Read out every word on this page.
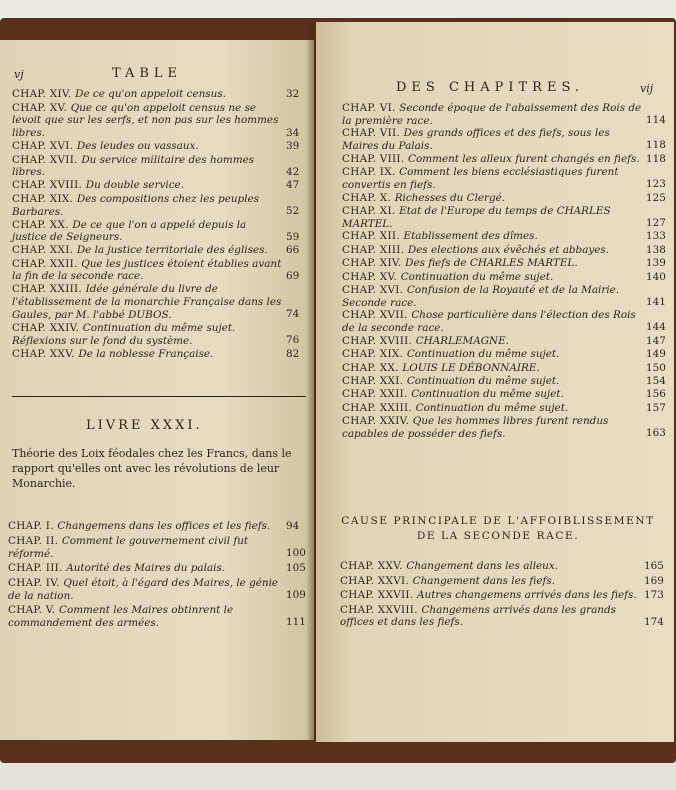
vj	TABLE
CHAP. XIV. De ce qu'on appeloit census.	32
CHAP. XV. Que ce qu'on appeloit census ne se levoit que sur les serfs, et non pas sur les hommes libres.	34
CHAP. XVI. Des leudes ou vassaux.	39
CHAP. XVII. Du service militaire des hommes libres.	42
CHAP. XVIII. Du double service.	47
CHAP. XIX. Des compositions chez les peuples Barbares.	52
CHAP. XX. De ce que l'on a appelé depuis la justice de Seigneurs.	59
CHAP. XXI. De la justice territoriale des églises. 66
CHAP. XXII. Que les justices étoient établies avant la fin de la seconde race.	69
CHAP. XXIII. Idée générale du livre de l'établissement de la monarchie Françaisе dans les Gaules, par M. l'abbé DUBOS.	74
CHAP. XXIV. Continuation du même sujet. Réflexions sur le fond du système.	76
CHAP. XXV. De la noblesse Françaisе.	82
LIVRE XXXI.
Théorie des Loix féodales chez les Francs, dans le rapport qu'elles ont avec les révolutions de leur Monarchie.
CHAP. I. Changemens dans les offices et les fiefs. 94
CHAP. II. Comment le gouvernement civil fut réformé.	100
CHAP. III. Autorité des Maires du palais.	105
CHAP. IV. Quel étoit, à l'égard des Maires, le génie de la nation.	109
CHAP. V. Comment les Maires obtinrent le commandement des armées.	111
DES CHAPITRES.	vij
CHAP. VI. Seconde époque de l'abaissement des Rois de la première race.	114
CHAP. VII. Des grands offices et des fiefs, sous les Maires du Palais.	118
CHAP. VIII. Comment les alleux furent changés en fiefs. 118
CHAP. IX. Comment les biens ecclésiastiques furent convertis en fiefs.	123
CHAP. X. Richesses du Clergé.	125
CHAP. XI. Etat de l'Europe du temps de CHARLES MARTEL.	127
CHAP. XII. Etablissement des dîmes.	133
CHAP. XIII. Des elections aux évêchés et abbayes.	138
CHAP. XIV. Des fiefs de CHARLES MARTEL.	139
CHAP. XV. Continuation du même sujet.	140
CHAP. XVI. Confusion de la Royauté et de la Mairie. Seconde race.	141
CHAP. XVII. Chose particulière dans l'élection des Rois de la seconde race.	144
CHAP. XVIII. CHARLEMAGNE.	147
CHAP. XIX. Continuation du même sujet.	149
CHAP. XX. LOUIS LE DÉBONNAIRE.	150
CHAP. XXI. Continuation du même sujet.	154
CHAP. XXII. Continuation du même sujet.	156
CHAP. XXIII. Continuation du même sujet.	157
CHAP. XXIV. Que les hommes libres furent rendus capables de posséder des fiefs.	163
CAUSE PRINCIPALE DE L'AFFOIBLISSEMENT DE LA SECONDE RACE.
CHAP. XXV. Changement dans les alleux.	165
CHAP. XXVI. Changement dans les fiefs.	169
CHAP. XXVII. Autres changemens arrivés dans les fiefs. 173
CHAP. XXVIII. Changemens arrivés dans les grands offices et dans les fiefs.	174
